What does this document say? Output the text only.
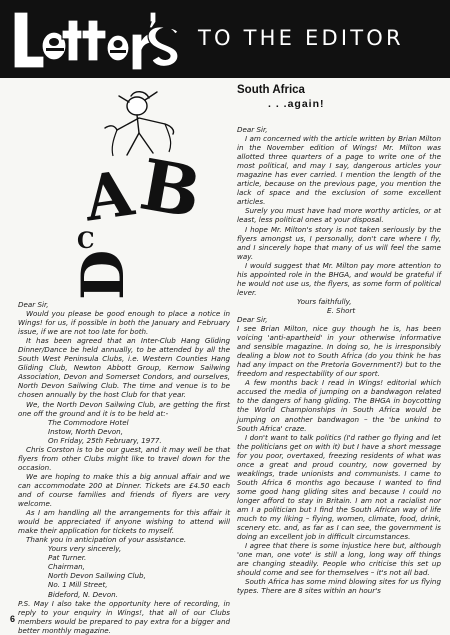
TO THE EDITOR
A
B
C
D

Dear Sir,

Would you please be good enough to place a notice in Wings! for us, if possible in both the January and February issue, if we are not too late for both.

It has been agreed that an Inter-Club Hang Gliding Dinner/Dance be held annually, to be attended by all the South West Peninsula Clubs, i.e. Western Counties Hang Gliding Club, Newton Abbott Group, Kernow Sailwing Association, Devon and Somerset Condors, and ourselves, North Devon Sailwing Club. The time and venue is to be chosen annually by the host Club for that year.

We, the North Devon Sailwing Club, are getting the first one off the ground and it is to be held at:-

The Commodore Hotel

Instow, North Devon,

On Friday, 25th February, 1977.

Chris Corston is to be our guest, and it may well be that flyers from other Clubs might like to travel down for the occasion.

We are hoping to make this a big annual affair and we can accommodate 200 at Dinner. Tickets are £4.50 each and of course families and friends of flyers are very welcome.

As I am handling all the arrangements for this affair it would be appreciated if anyone wishing to attend will make their application for tickets to myself.

Thank you in anticipation of your assistance.

Yours very sincerely,

Pat Turner.

Chairman,

North Devon Sailwing Club,

No. 1 Mill Street,

Bideford, N. Devon.

P.S. May I also take the opportunity here of recording, in reply to your enquiry in Wings!, that all of our Clubs members would be prepared to pay extra for a bigger and better monthly magazine.

South Africa
. . .again!

Dear Sir,

I am concerned with the article written by Brian Milton in the November edition of Wings! Mr. Milton was allotted three quarters of a page to write one of the most political, and may I say, dangerous articles your magazine has ever carried. I mention the length of the article, because on the previous page, you mention the lack of space and the exclusion of some excellent articles.

Surely you must have had more worthy articles, or at least, less political ones at your disposal.

I hope Mr. Milton's story is not taken seriously by the flyers amongst us, I personally, don't care where I fly, and I sincerely hope that many of us will feel the same way.

I would suggest that Mr. Milton pay more attention to his appointed role in the BHGA, and would be grateful if he would not use us, the flyers, as some form of political lever.

Yours faithfully,

E. Short

Dear Sir,

I see Brian Milton, nice guy though he is, has been voicing 'anti-apartheid' in your otherwise informative and sensible magazine. In doing so, he is irresponsibly dealing a blow not to South Africa (do you think he has had any impact on the Pretoria Government?) but to the freedom and respectability of our sport.

A few months back I read in Wings! editorial which accused the media of jumping on a bandwagon related to the dangers of hang gliding. The BHGA in boycotting the World Championships in South Africa would be jumping on another bandwagon – the 'be unkind to South Africa' craze.

I don't want to talk politics (I'd rather go flying and let the politicians get on with it) but I have a short message for you poor, overtaxed, freezing residents of what was once a great and proud country, now governed by weaklings, trade unionists and communists. I came to South Africa 6 months ago because I wanted to find some good hang gliding sites and because I could no longer afford to stay in Britain. I am not a racialist nor am I a politician but I find the South African way of life much to my liking – flying, women, climate, food, drink, scenery etc. and, as far as I can see, the government is doing an excellent job in difficult circumstances.

I agree that there is some injustice here but, although 'one man, one vote' is still a long, long way off things are changing steadily. People who criticise this set up should come and see for themselves – it's not all bad.

South Africa has some mind blowing sites for us flying types. There are 8 sites within an hour's

6
